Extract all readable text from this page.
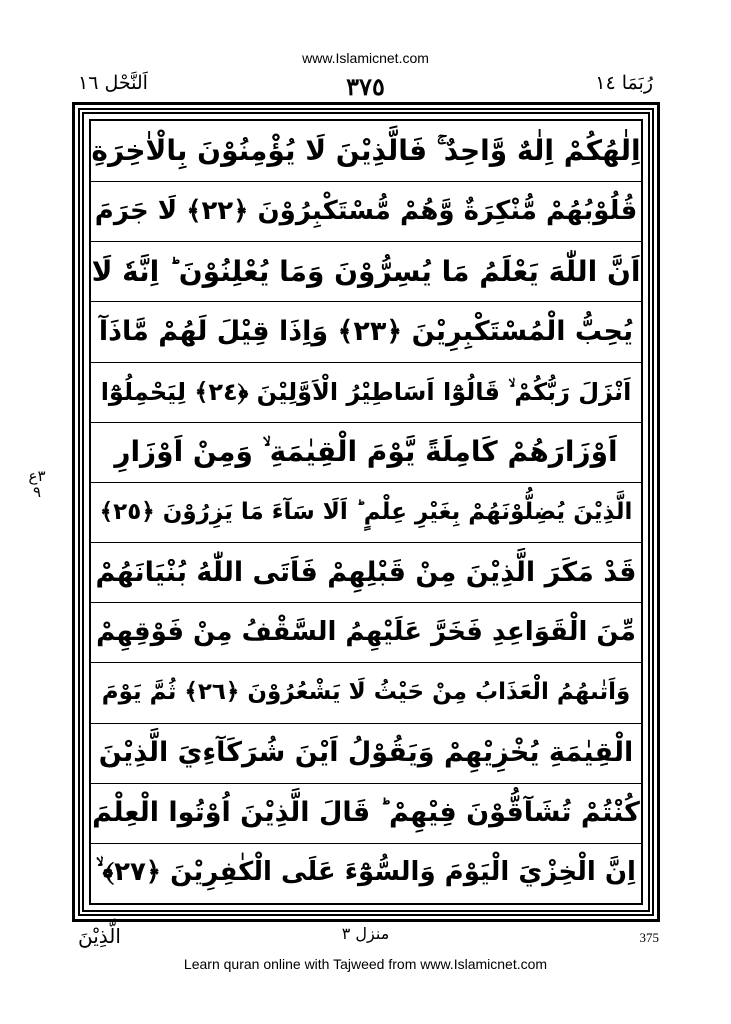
www.Islamicnet.com
اَلنَّحْل ١٦	٣٧٥	رُبَمَا ١٤
٣ع ٩
اِلٰهُكُمْ اِلٰهٌ وَّاحِدٌ ۚ فَالَّذِيْنَ لَا يُؤْمِنُوْنَ بِالْاٰخِرَةِ
قُلُوْبُهُمْ مُّنْكِرَةٌ وَّهُمْ مُّسْتَكْبِرُوْنَ ﴿٢٢﴾ لَا جَرَمَ
اَنَّ اللّٰهَ يَعْلَمُ مَا يُسِرُّوْنَ وَمَا يُعْلِنُوْنَ ؕ اِنَّهٗ لَا
يُحِبُّ الْمُسْتَكْبِرِيْنَ ﴿٢٣﴾ وَاِذَا قِيْلَ لَهُمْ مَّاذَآ
اَنْزَلَ رَبُّكُمْ ۙ قَالُوْٓا اَسَاطِيْرُ الْاَوَّلِيْنَ ﴿٢٤﴾ لِيَحْمِلُوْٓا
اَوْزَارَهُمْ كَامِلَةً يَّوْمَ الْقِيٰمَةِ ۙ وَمِنْ اَوْزَارِ
الَّذِيْنَ يُضِلُّوْنَهُمْ بِغَيْرِ عِلْمٍ ؕ اَلَا سَآءَ مَا يَزِرُوْنَ ﴿٢٥﴾
قَدْ مَكَرَ الَّذِيْنَ مِنْ قَبْلِهِمْ فَاَتَى اللّٰهُ بُنْيَانَهُمْ
مِّنَ الْقَوَاعِدِ فَخَرَّ عَلَيْهِمُ السَّقْفُ مِنْ فَوْقِهِمْ
وَاَتٰىهُمُ الْعَذَابُ مِنْ حَيْثُ لَا يَشْعُرُوْنَ ﴿٢٦﴾ ثُمَّ يَوْمَ
الْقِيٰمَةِ يُخْزِيْهِمْ وَيَقُوْلُ اَيْنَ شُرَكَآءِيَ الَّذِيْنَ
كُنْتُمْ تُشَآقُّوْنَ فِيْهِمْ ؕ قَالَ الَّذِيْنَ اُوْتُوا الْعِلْمَ
اِنَّ الْخِزْيَ الْيَوْمَ وَالسُّوْٓءَ عَلَى الْكٰفِرِيْنَ ﴿٢٧﴾ ۙ
الَّذِيْنَ	منزل ٣	375
Learn quran online with Tajweed from www.Islamicnet.com
